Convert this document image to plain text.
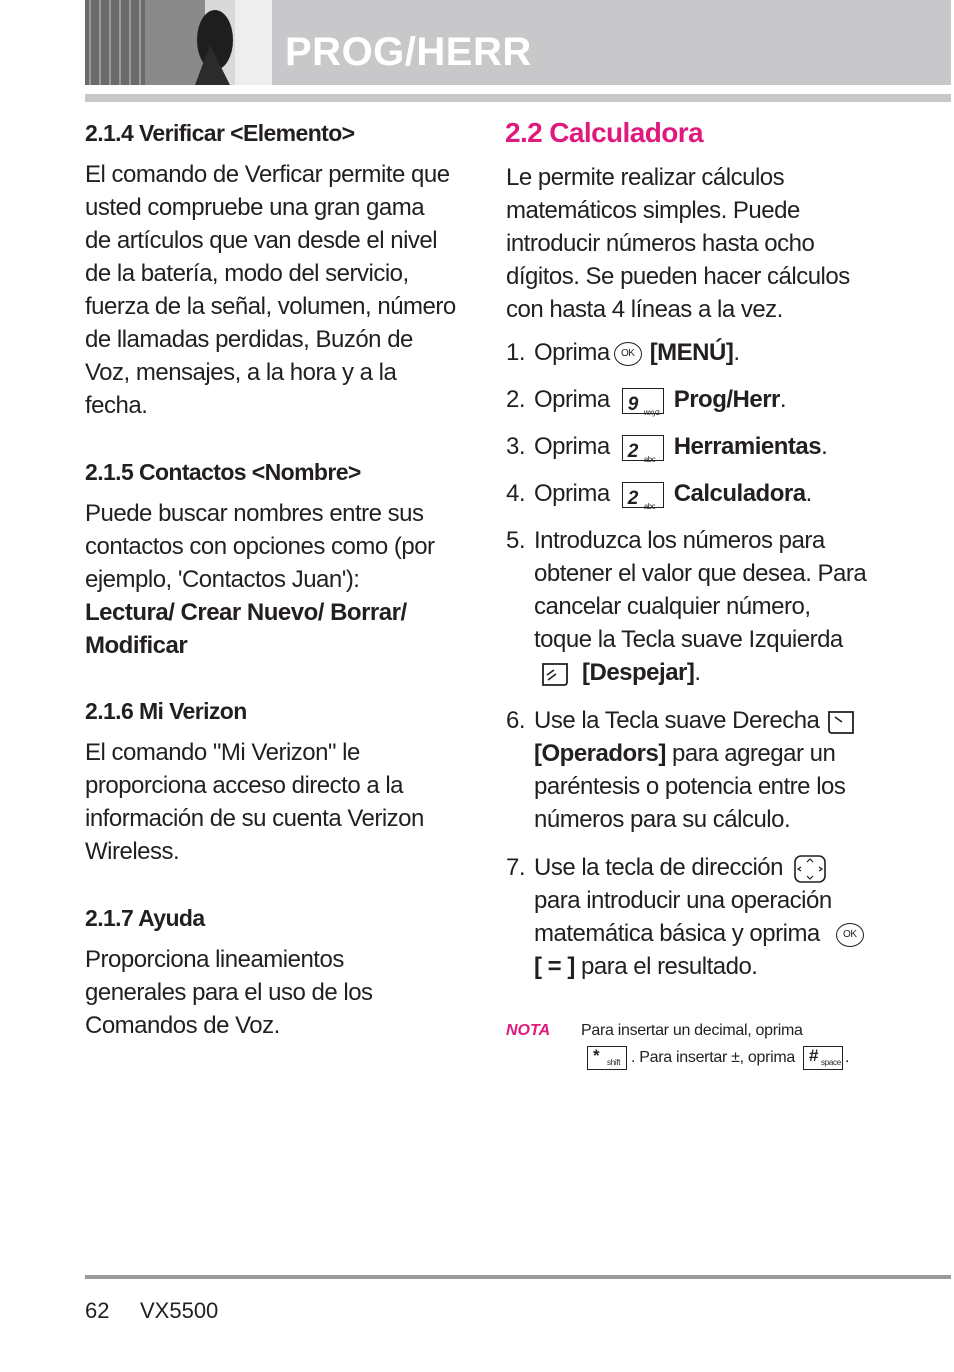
PROG/HERR
2.1.4 Verificar <Elemento>
El comando de Verficar permite que
usted compruebe una gran gama
de artículos que van desde el nivel
de la batería, modo del servicio,
fuerza de la señal, volumen, número
de llamadas perdidas, Buzón de
Voz, mensajes, a la hora y a la
fecha.
2.1.5 Contactos <Nombre>
Puede buscar nombres entre sus
contactos con opciones como (por
ejemplo, 'Contactos Juan'):
Lectura/ Crear Nuevo/ Borrar/
Modificar
2.1.6 Mi Verizon
El comando "Mi Verizon" le
proporciona acceso directo a la
información de su cuenta Verizon
Wireless.
2.1.7 Ayuda
Proporciona lineamientos
generales para el uso de los
Comandos de Voz.
2.2 Calculadora
Le permite realizar cálculos
matemáticos simples. Puede
introducir números hasta ocho
dígitos. Se pueden hacer cálculos
con hasta 4 líneas a la vez.
1. Oprima OK [MENÚ].
2. Oprima 9 wxyz Prog/Herr.
3. Oprima 2 abc Herramientas.
4. Oprima 2 abc Calculadora.
5. Introduzca los números para
obtener el valor que desea. Para
cancelar cualquier número,
toque la Tecla suave Izquierda
[Despejar].
6. Use la Tecla suave Derecha
[Operadors] para agregar un
paréntesis o potencia entre los
números para su cálculo.
7. Use la tecla de dirección
para introducir una operación
matemática básica y oprima OK
[ = ] para el resultado.
NOTA Para insertar un decimal, oprima
* shift . Para insertar ±, oprima # space .
62 VX5500
